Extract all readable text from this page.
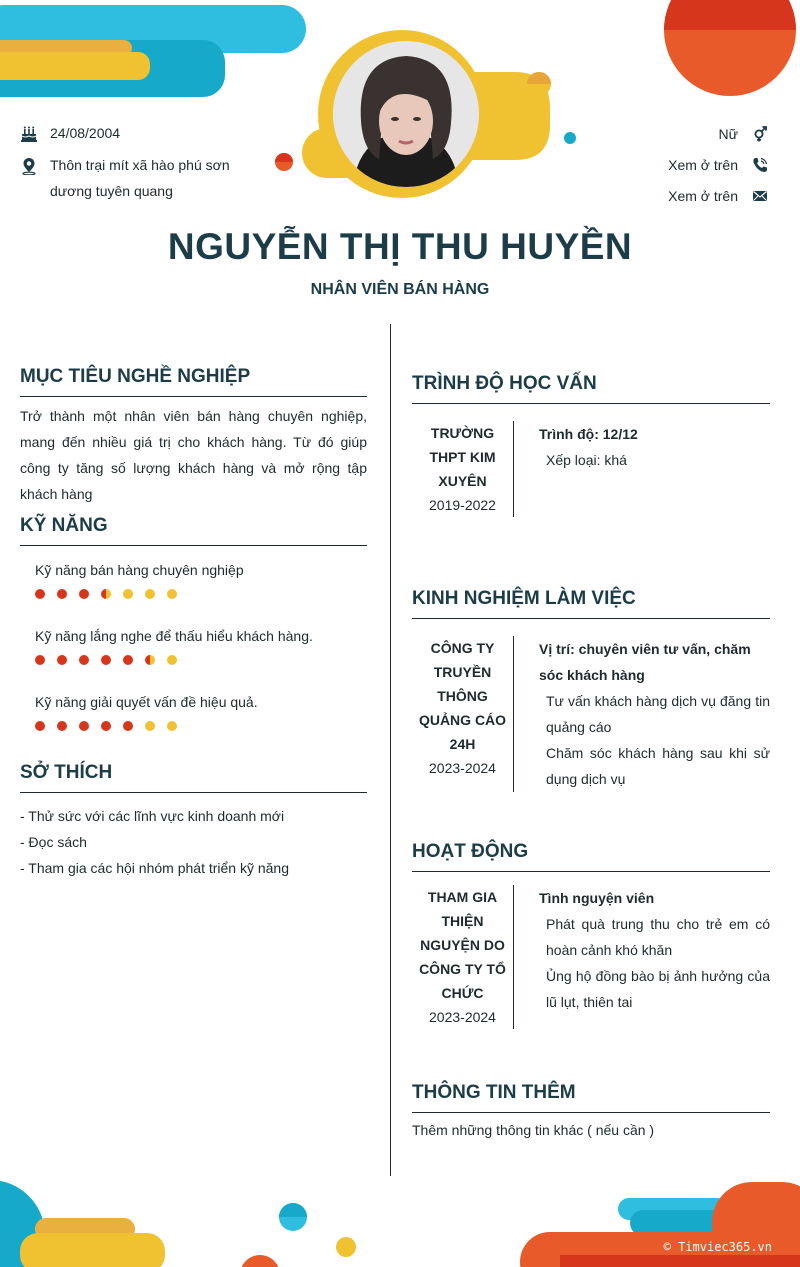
24/08/2004
Thôn trại mít xã hào phú sơn dương tuyên quang
Nữ
Xem ở trên
Xem ở trên
NGUYỄN THỊ THU HUYỀN
NHÂN VIÊN BÁN HÀNG
MỤC TIÊU NGHỀ NGHIỆP
Trở thành một nhân viên bán hàng chuyên nghiệp, mang đến nhiều giá trị cho khách hàng. Từ đó giúp công ty tăng số lượng khách hàng và mở rộng tập khách hàng
KỸ NĂNG
Kỹ năng bán hàng chuyên nghiệp
Kỹ năng lắng nghe để thấu hiểu khách hàng.
Kỹ năng giải quyết vấn đề hiệu quả.
SỞ THÍCH
- Thử sức với các lĩnh vực kinh doanh mới
- Đọc sách
- Tham gia các hội nhóm phát triển kỹ năng
TRÌNH ĐỘ HỌC VẤN
TRƯỜNG THPT KIM XUYÊN
2019-2022
Trình độ: 12/12
Xếp loại: khá
KINH NGHIỆM LÀM VIỆC
CÔNG TY TRUYỀN THÔNG QUẢNG CÁO 24H
2023-2024
Vị trí: chuyên viên tư vấn, chăm sóc khách hàng
Tư vấn khách hàng dịch vụ đăng tin quảng cáo
Chăm sóc khách hàng sau khi sử dụng dịch vụ
HOẠT ĐỘNG
THAM GIA THIỆN NGUYỆN DO CÔNG TY TỔ CHỨC
2023-2024
Tình nguyện viên
Phát quà trung thu cho trẻ em có hoàn cảnh khó khăn
Ủng hộ đồng bào bị ảnh hưởng của lũ lụt, thiên tai
THÔNG TIN THÊM
Thêm những thông tin khác ( nếu cần )
© Timviec365.vn
